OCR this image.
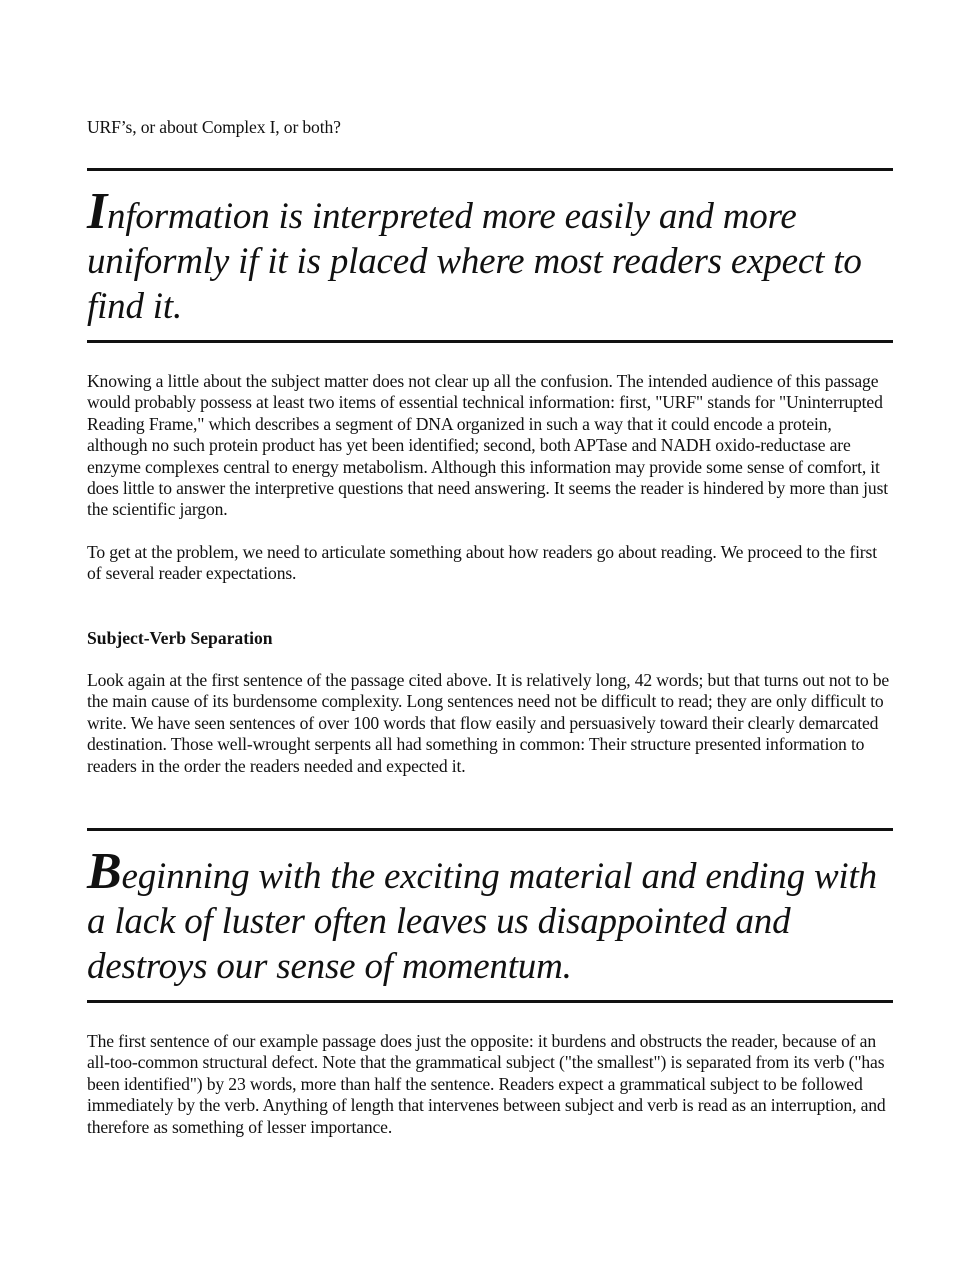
URF’s, or about Complex I, or both?

Information is interpreted more easily and more uniformly if it is placed where most readers expect to find it.

Knowing a little about the subject matter does not clear up all the confusion. The intended audience of this passage would probably possess at least two items of essential technical information: first, "URF" stands for "Uninterrupted Reading Frame," which describes a segment of DNA organized in such a way that it could encode a protein, although no such protein product has yet been identified; second, both APTase and NADH oxido-reductase are enzyme complexes central to energy metabolism. Although this information may provide some sense of comfort, it does little to answer the interpretive questions that need answering. It seems the reader is hindered by more than just the scientific jargon.

To get at the problem, we need to articulate something about how readers go about reading. We proceed to the first of several reader expectations.

Subject-Verb Separation

Look again at the first sentence of the passage cited above. It is relatively long, 42 words; but that turns out not to be the main cause of its burdensome complexity. Long sentences need not be difficult to read; they are only difficult to write. We have seen sentences of over 100 words that flow easily and persuasively toward their clearly demarcated destination. Those well-wrought serpents all had something in common: Their structure presented information to readers in the order the readers needed and expected it.

Beginning with the exciting material and ending with a lack of luster often leaves us disappointed and destroys our sense of momentum.

The first sentence of our example passage does just the opposite: it burdens and obstructs the reader, because of an all-too-common structural defect. Note that the grammatical subject ("the smallest") is separated from its verb ("has been identified") by 23 words, more than half the sentence. Readers expect a grammatical subject to be followed immediately by the verb. Anything of length that intervenes between subject and verb is read as an interruption, and therefore as something of lesser importance.
